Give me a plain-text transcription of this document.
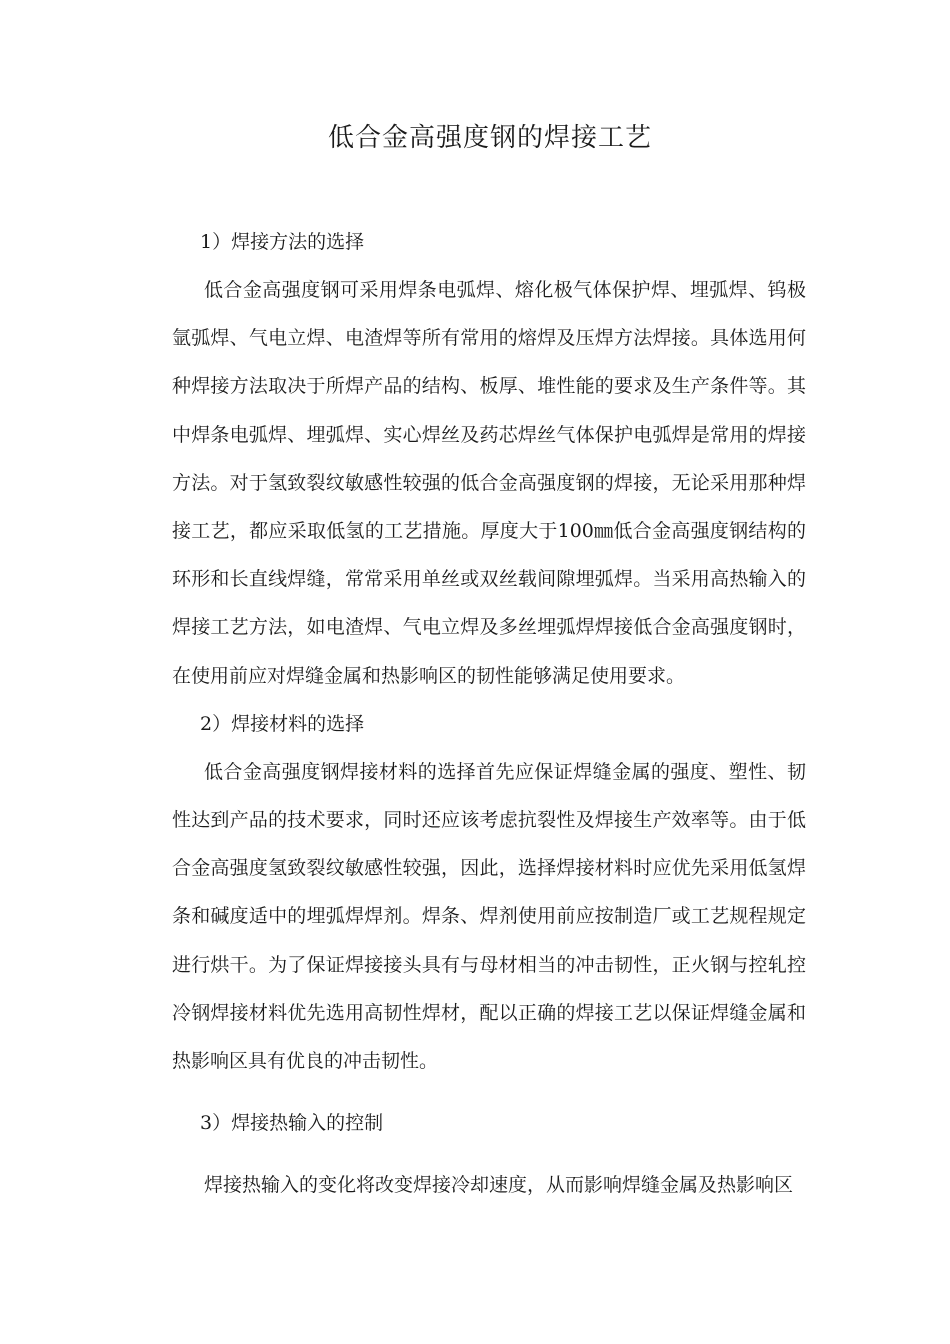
低合金高强度钢的焊接工艺

1）焊接方法的选择

低合金高强度钢可采用焊条电弧焊、熔化极气体保护焊、埋弧焊、钨极氩弧焊、气电立焊、电渣焊等所有常用的熔焊及压焊方法焊接。具体选用何种焊接方法取决于所焊产品的结构、板厚、堆性能的要求及生产条件等。其中焊条电弧焊、埋弧焊、实心焊丝及药芯焊丝气体保护电弧焊是常用的焊接方法。对于氢致裂纹敏感性较强的低合金高强度钢的焊接，无论采用那种焊接工艺，都应采取低氢的工艺措施。厚度大于100㎜低合金高强度钢结构的环形和长直线焊缝，常常采用单丝或双丝载间隙埋弧焊。当采用高热输入的焊接工艺方法，如电渣焊、气电立焊及多丝埋弧焊焊接低合金高强度钢时，在使用前应对焊缝金属和热影响区的韧性能够满足使用要求。

2）焊接材料的选择

低合金高强度钢焊接材料的选择首先应保证焊缝金属的强度、塑性、韧性达到产品的技术要求，同时还应该考虑抗裂性及焊接生产效率等。由于低合金高强度氢致裂纹敏感性较强，因此，选择焊接材料时应优先采用低氢焊条和碱度适中的埋弧焊焊剂。焊条、焊剂使用前应按制造厂或工艺规程规定进行烘干。为了保证焊接接头具有与母材相当的冲击韧性，正火钢与控轧控冷钢焊接材料优先选用高韧性焊材，配以正确的焊接工艺以保证焊缝金属和热影响区具有优良的冲击韧性。

3）焊接热输入的控制

焊接热输入的变化将改变焊接冷却速度，从而影响焊缝金属及热影响区
